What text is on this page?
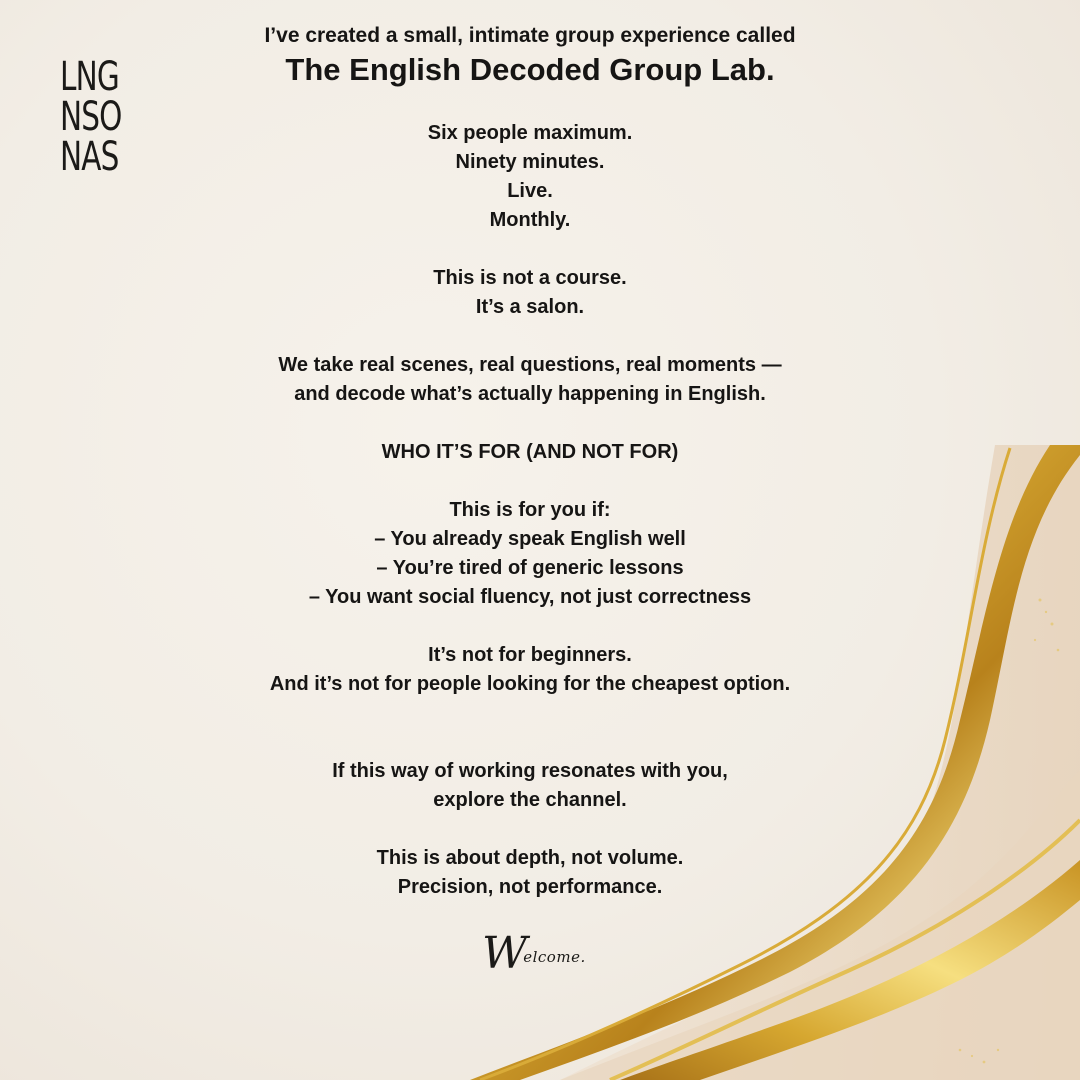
LNG
NSO
NAS
I’ve created a small, intimate group experience called
The English Decoded Group Lab.
Six people maximum.
Ninety minutes.
Live.
Monthly.
This is not a course.
It’s a salon.
We take real scenes, real questions, real moments —
and decode what’s actually happening in English.
WHO IT’S FOR (AND NOT FOR)
This is for you if:
– You already speak English well
– You’re tired of generic lessons
– You want social fluency, not just correctness
It’s not for beginners.
And it’s not for people looking for the cheapest option.
If this way of working resonates with you,
explore the channel.
This is about depth, not volume.
Precision, not performance.
$W^{elcome.}$
